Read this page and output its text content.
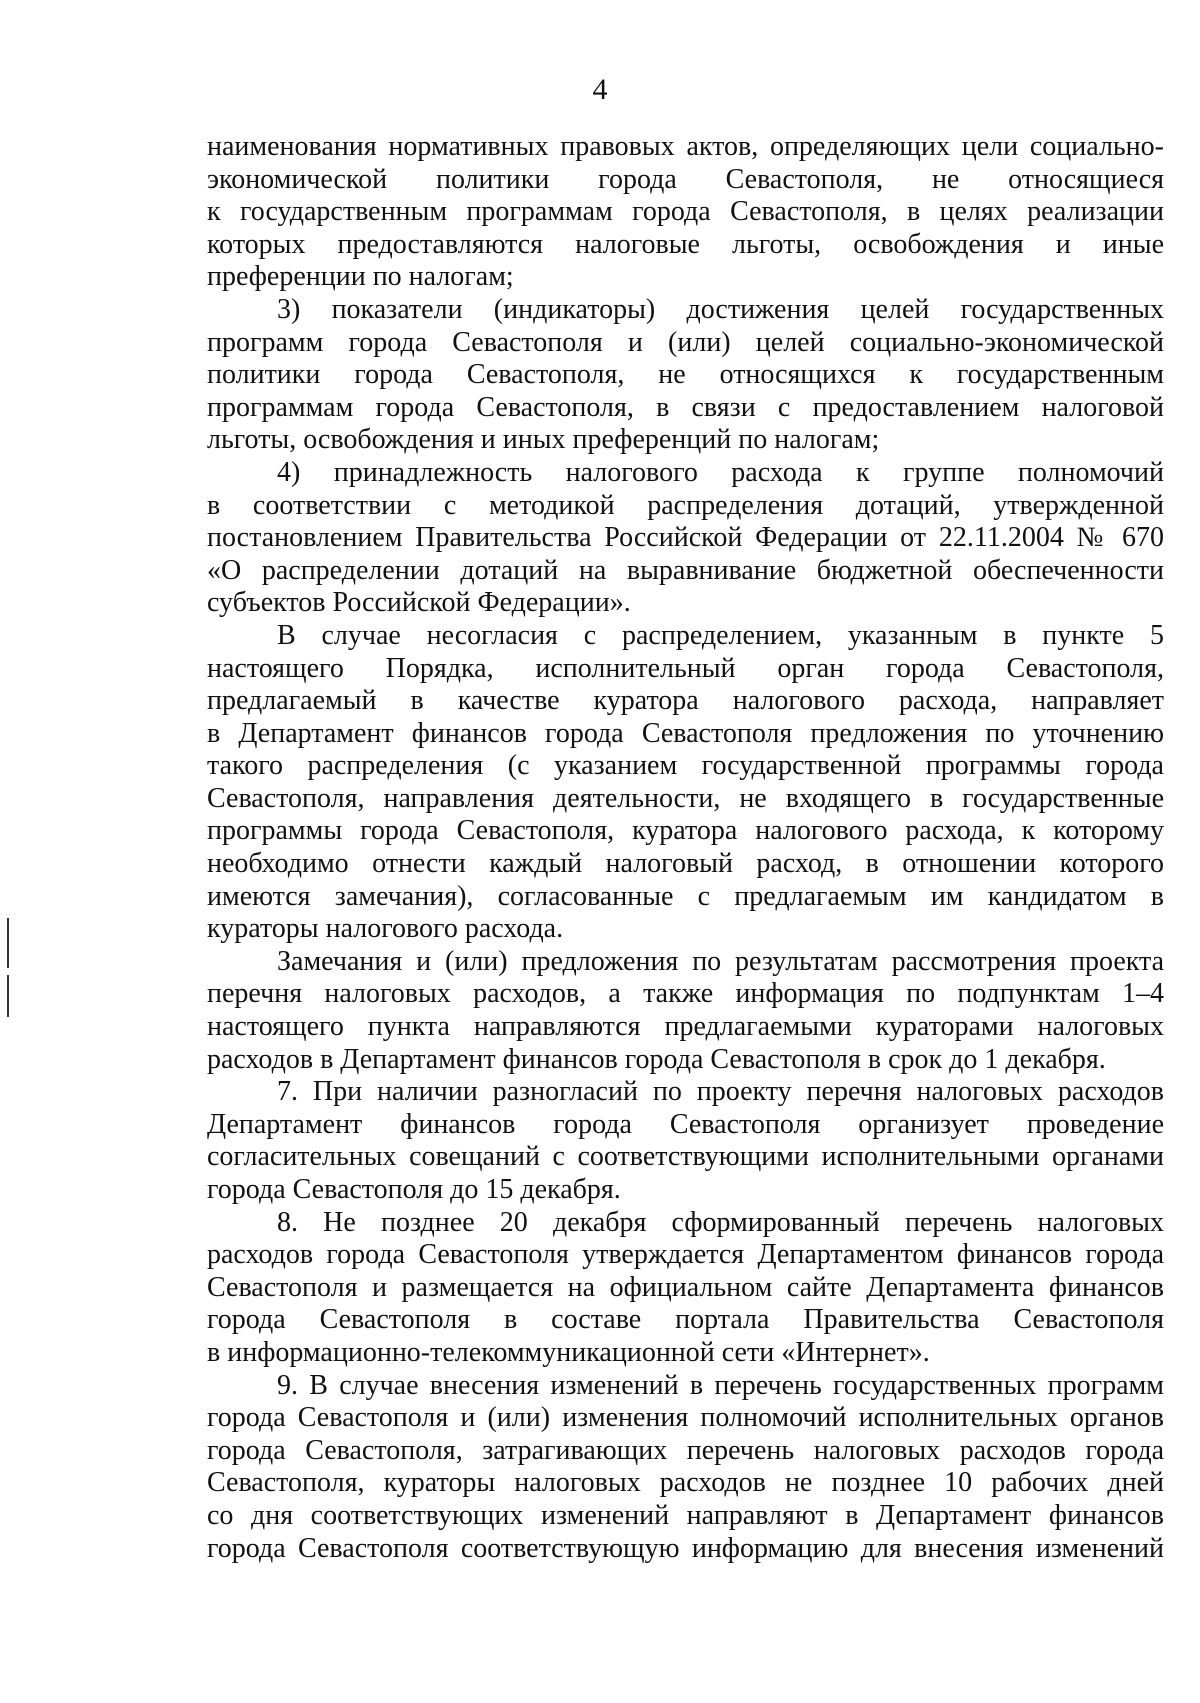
4
наименования нормативных правовых актов, определяющих цели социально-
экономической политики города Севастополя, не относящиеся
к государственным программам города Севастополя, в целях реализации
которых предоставляются налоговые льготы, освобождения и иные
преференции по налогам;
3) показатели (индикаторы) достижения целей государственных
программ города Севастополя и (или) целей социально-экономической
политики города Севастополя, не относящихся к государственным
программам города Севастополя, в связи с предоставлением налоговой
льготы, освобождения и иных преференций по налогам;
4) принадлежность налогового расхода к группе полномочий
в соответствии с методикой распределения дотаций, утвержденной
постановлением Правительства Российской Федерации от 22.11.2004 № 670
«О распределении дотаций на выравнивание бюджетной обеспеченности
субъектов Российской Федерации».
В случае несогласия с распределением, указанным в пункте 5
настоящего Порядка, исполнительный орган города Севастополя,
предлагаемый в качестве куратора налогового расхода, направляет
в Департамент финансов города Севастополя предложения по уточнению
такого распределения (с указанием государственной программы города
Севастополя, направления деятельности, не входящего в государственные
программы города Севастополя, куратора налогового расхода, к которому
необходимо отнести каждый налоговый расход, в отношении которого
имеются замечания), согласованные с предлагаемым им кандидатом в
кураторы налогового расхода.
Замечания и (или) предложения по результатам рассмотрения проекта
перечня налоговых расходов, а также информация по подпунктам 1–4
настоящего пункта направляются предлагаемыми кураторами налоговых
расходов в Департамент финансов города Севастополя в срок до 1 декабря.
7. При наличии разногласий по проекту перечня налоговых расходов
Департамент финансов города Севастополя организует проведение
согласительных совещаний с соответствующими исполнительными органами
города Севастополя до 15 декабря.
8. Не позднее 20 декабря сформированный перечень налоговых
расходов города Севастополя утверждается Департаментом финансов города
Севастополя и размещается на официальном сайте Департамента финансов
города Севастополя в составе портала Правительства Севастополя
в информационно-телекоммуникационной сети «Интернет».
9. В случае внесения изменений в перечень государственных программ
города Севастополя и (или) изменения полномочий исполнительных органов
города Севастополя, затрагивающих перечень налоговых расходов города
Севастополя, кураторы налоговых расходов не позднее 10 рабочих дней
со дня соответствующих изменений направляют в Департамент финансов
города Севастополя соответствующую информацию для внесения изменений
